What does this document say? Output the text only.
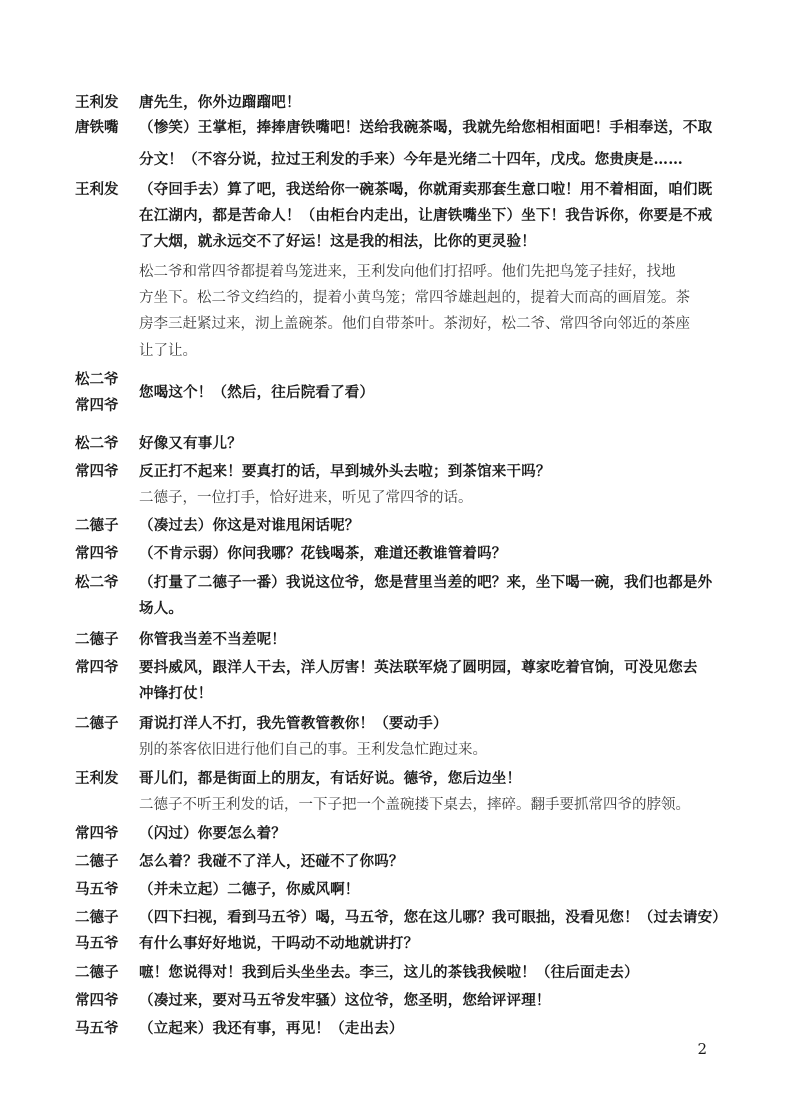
王利发 唐先生，你外边蹓蹓吧！
唐铁嘴 （惨笑）王掌柜，捧捧唐铁嘴吧！送给我碗茶喝，我就先给您相相面吧！手相奉送，不取
分文！（不容分说，拉过王利发的手来）今年是光绪二十四年，戊戌。您贵庚是……
王利发 （夺回手去）算了吧，我送给你一碗茶喝，你就甭卖那套生意口啦！用不着相面，咱们既
在江湖内，都是苦命人！（由柜台内走出，让唐铁嘴坐下）坐下！我告诉你，你要是不戒
了大烟，就永远交不了好运！这是我的相法，比你的更灵验！
松二爷和常四爷都提着鸟笼进来，王利发向他们打招呼。他们先把鸟笼子挂好，找地
方坐下。松二爷文绉绉的，提着小黄鸟笼；常四爷雄赳赳的，提着大而高的画眉笼。茶
房李三赶紧过来，沏上盖碗茶。他们自带茶叶。茶沏好，松二爷、常四爷向邻近的茶座
让了让。
松二爷
常四爷
您喝这个！（然后，往后院看了看）
松二爷 好像又有事儿？
常四爷 反正打不起来！要真打的话，早到城外头去啦；到茶馆来干吗？
二德子，一位打手，恰好进来，听见了常四爷的话。
二德子 （凑过去）你这是对谁甩闲话呢？
常四爷 （不肯示弱）你问我哪？花钱喝茶，难道还教谁管着吗？
松二爷 （打量了二德子一番）我说这位爷，您是营里当差的吧？来，坐下喝一碗，我们也都是外
场人。
二德子 你管我当差不当差呢！
常四爷 要抖威风，跟洋人干去，洋人厉害！英法联军烧了圆明园，尊家吃着官饷，可没见您去
冲锋打仗！
二德子 甭说打洋人不打，我先管教管教你！（要动手）
别的茶客依旧进行他们自己的事。王利发急忙跑过来。
王利发 哥儿们，都是街面上的朋友，有话好说。德爷，您后边坐！
二德子不听王利发的话，一下子把一个盖碗搂下桌去，摔碎。翻手要抓常四爷的脖领。
常四爷 （闪过）你要怎么着？
二德子 怎么着？我碰不了洋人，还碰不了你吗？
马五爷 （并未立起）二德子，你威风啊！
二德子 （四下扫视，看到马五爷）喝，马五爷，您在这儿哪？我可眼拙，没看见您！（过去请安）
马五爷 有什么事好好地说，干吗动不动地就讲打？
二德子 嗻！您说得对！我到后头坐坐去。李三，这儿的茶钱我候啦！（往后面走去）
常四爷 （凑过来，要对马五爷发牢骚）这位爷，您圣明，您给评评理！
马五爷 （立起来）我还有事，再见！（走出去）
2
